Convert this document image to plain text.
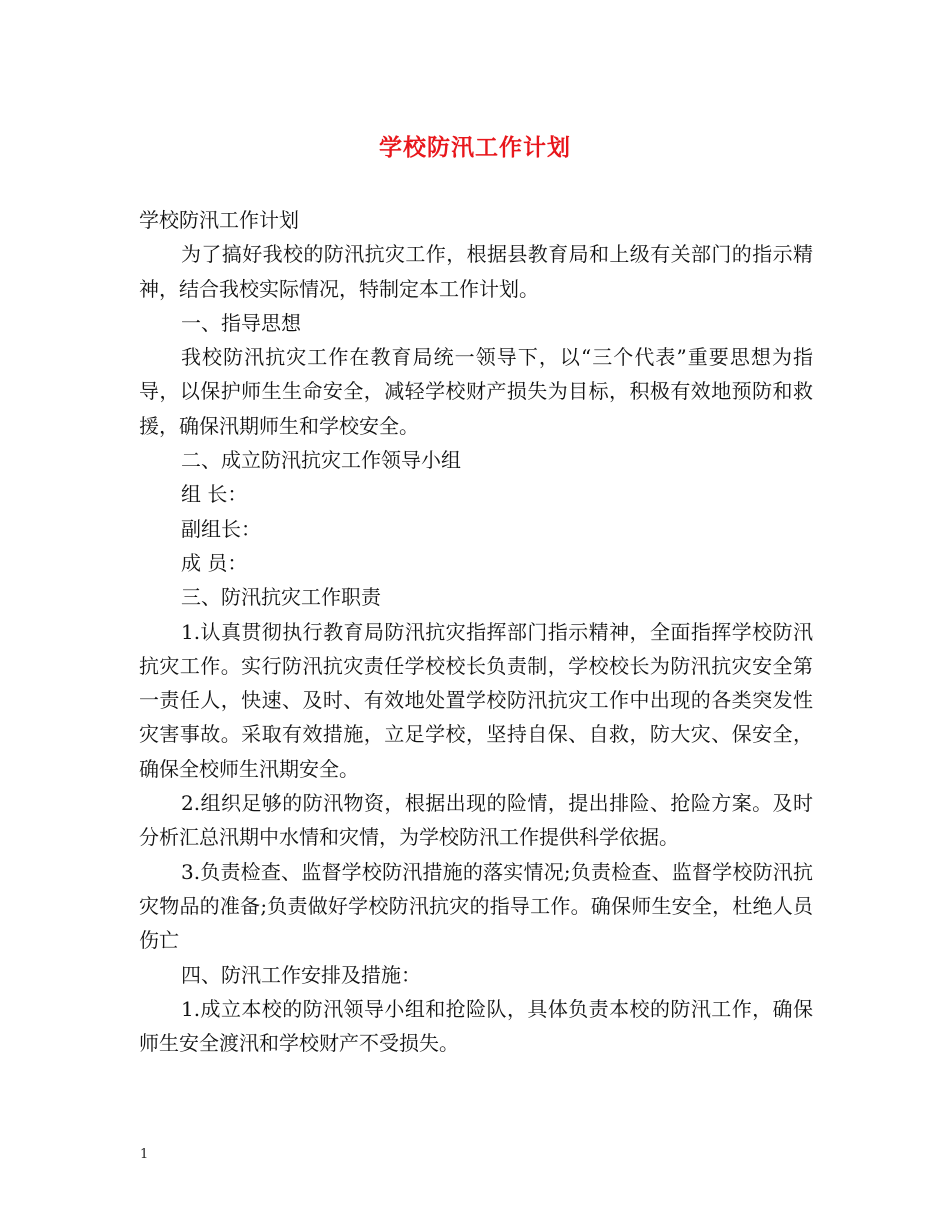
学校防汛工作计划

学校防汛工作计划

为了搞好我校的防汛抗灾工作，根据县教育局和上级有关部门的指示精神，结合我校实际情况，特制定本工作计划。

一、指导思想

我校防汛抗灾工作在教育局统一领导下，以“三个代表”重要思想为指导，以保护师生生命安全，减轻学校财产损失为目标，积极有效地预防和救援，确保汛期师生和学校安全。

二、成立防汛抗灾工作领导小组

组 长：

副组长：

成 员：

三、防汛抗灾工作职责

1.认真贯彻执行教育局防汛抗灾指挥部门指示精神，全面指挥学校防汛抗灾工作。实行防汛抗灾责任学校校长负责制，学校校长为防汛抗灾安全第一责任人，快速、及时、有效地处置学校防汛抗灾工作中出现的各类突发性灾害事故。采取有效措施，立足学校，坚持自保、自救，防大灾、保安全，确保全校师生汛期安全。

2.组织足够的防汛物资，根据出现的险情，提出排险、抢险方案。及时分析汇总汛期中水情和灾情，为学校防汛工作提供科学依据。

3.负责检查、监督学校防汛措施的落实情况;负责检查、监督学校防汛抗灾物品的准备;负责做好学校防汛抗灾的指导工作。确保师生安全，杜绝人员伤亡

四、防汛工作安排及措施：

1.成立本校的防汛领导小组和抢险队，具体负责本校的防汛工作，确保师生安全渡汛和学校财产不受损失。

1
